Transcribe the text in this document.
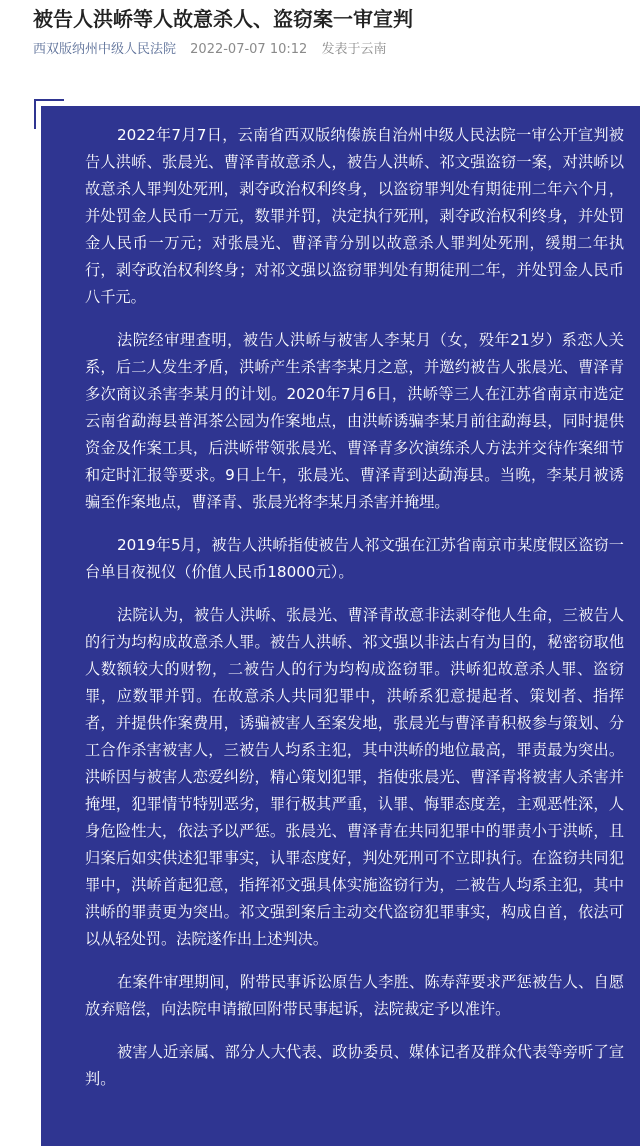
被告人洪峤等人故意杀人、盗窃案一审宣判
西双版纳州中级人民法院 2022-07-07 10:12 发表于云南

2022年7月7日，云南省西双版纳傣族自治州中级人民法院一审公开宣判被告人洪峤、张晨光、曹泽青故意杀人，被告人洪峤、祁文强盗窃一案，对洪峤以故意杀人罪判处死刑，剥夺政治权利终身，以盗窃罪判处有期徒刑二年六个月，并处罚金人民币一万元，数罪并罚，决定执行死刑，剥夺政治权利终身，并处罚金人民币一万元；对张晨光、曹泽青分别以故意杀人罪判处死刑，缓期二年执行，剥夺政治权利终身；对祁文强以盗窃罪判处有期徒刑二年，并处罚金人民币八千元。

法院经审理查明，被告人洪峤与被害人李某月（女，殁年21岁）系恋人关系，后二人发生矛盾，洪峤产生杀害李某月之意，并邀约被告人张晨光、曹泽青多次商议杀害李某月的计划。2020年7月6日，洪峤等三人在江苏省南京市选定云南省勐海县普洱茶公园为作案地点，由洪峤诱骗李某月前往勐海县，同时提供资金及作案工具，后洪峤带领张晨光、曹泽青多次演练杀人方法并交待作案细节和定时汇报等要求。9日上午，张晨光、曹泽青到达勐海县。当晚，李某月被诱骗至作案地点，曹泽青、张晨光将李某月杀害并掩埋。

2019年5月，被告人洪峤指使被告人祁文强在江苏省南京市某度假区盗窃一台单目夜视仪（价值人民币18000元）。

法院认为，被告人洪峤、张晨光、曹泽青故意非法剥夺他人生命，三被告人的行为均构成故意杀人罪。被告人洪峤、祁文强以非法占有为目的，秘密窃取他人数额较大的财物，二被告人的行为均构成盗窃罪。洪峤犯故意杀人罪、盗窃罪，应数罪并罚。在故意杀人共同犯罪中，洪峤系犯意提起者、策划者、指挥者，并提供作案费用，诱骗被害人至案发地，张晨光与曹泽青积极参与策划、分工合作杀害被害人，三被告人均系主犯，其中洪峤的地位最高，罪责最为突出。洪峤因与被害人恋爱纠纷，精心策划犯罪，指使张晨光、曹泽青将被害人杀害并掩埋，犯罪情节特别恶劣，罪行极其严重，认罪、悔罪态度差，主观恶性深，人身危险性大，依法予以严惩。张晨光、曹泽青在共同犯罪中的罪责小于洪峤，且归案后如实供述犯罪事实，认罪态度好，判处死刑可不立即执行。在盗窃共同犯罪中，洪峤首起犯意，指挥祁文强具体实施盗窃行为，二被告人均系主犯，其中洪峤的罪责更为突出。祁文强到案后主动交代盗窃犯罪事实，构成自首，依法可以从轻处罚。法院遂作出上述判决。

在案件审理期间，附带民事诉讼原告人李胜、陈寿萍要求严惩被告人、自愿放弃赔偿，向法院申请撤回附带民事起诉，法院裁定予以准许。

被害人近亲属、部分人大代表、政协委员、媒体记者及群众代表等旁听了宣判。
